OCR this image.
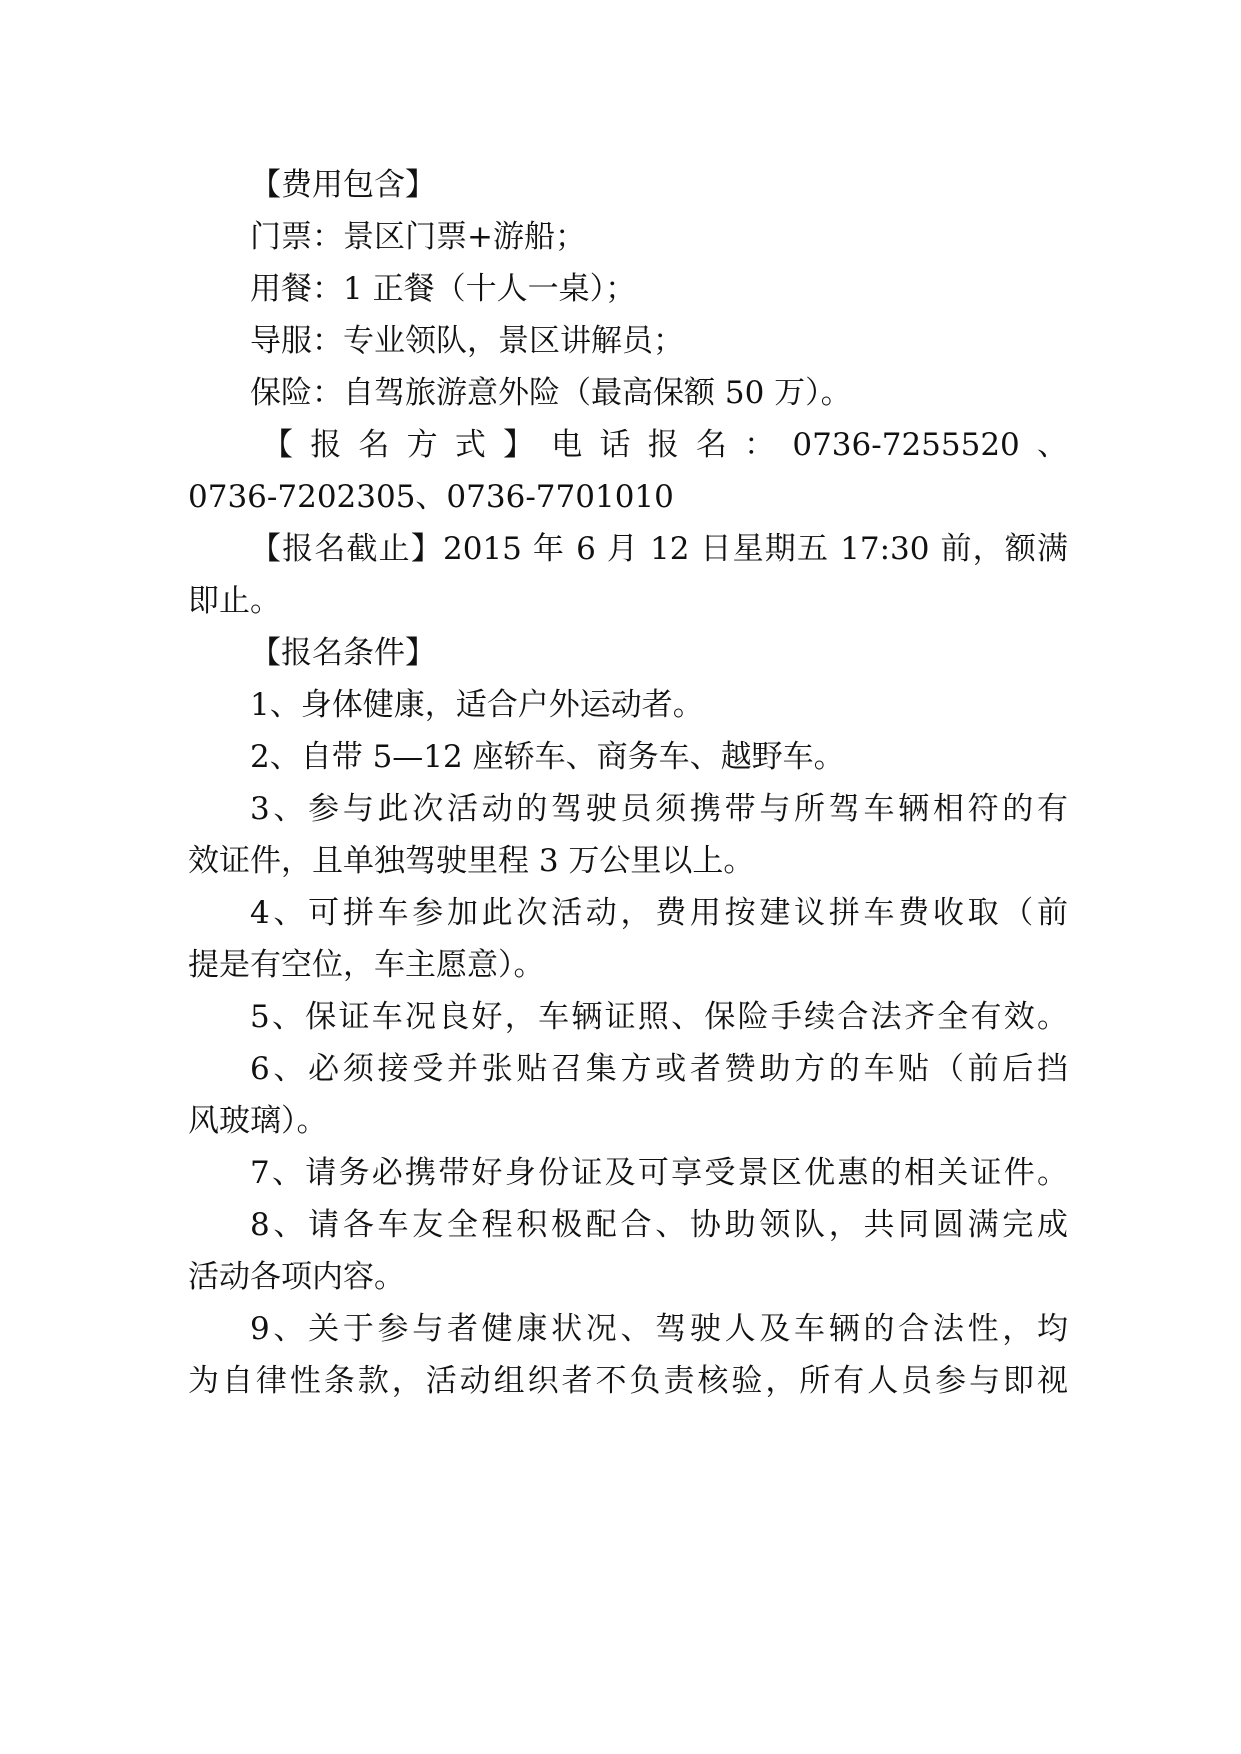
【费用包含】
门票：景区门票+游船；
用餐：1 正餐（十人一桌）；
导服：专业领队，景区讲解员；
保险：自驾旅游意外险（最高保额 50 万）。
【报名方式】电话报名：0736-7255520、
0736-7202305、0736-7701010
【报名截止】2015 年 6 月 12 日星期五 17:30 前，额满
即止。
【报名条件】
1、身体健康，适合户外运动者。
2、自带 5—12 座轿车、商务车、越野车。
3、参与此次活动的驾驶员须携带与所驾车辆相符的有
效证件，且单独驾驶里程 3 万公里以上。
4、可拼车参加此次活动，费用按建议拼车费收取（前
提是有空位，车主愿意）。
5、保证车况良好，车辆证照、保险手续合法齐全有效。
6、必须接受并张贴召集方或者赞助方的车贴（前后挡
风玻璃）。
7、请务必携带好身份证及可享受景区优惠的相关证件。
8、请各车友全程积极配合、协助领队，共同圆满完成
活动各项内容。
9、关于参与者健康状况、驾驶人及车辆的合法性，均
为自律性条款，活动组织者不负责核验，所有人员参与即视
